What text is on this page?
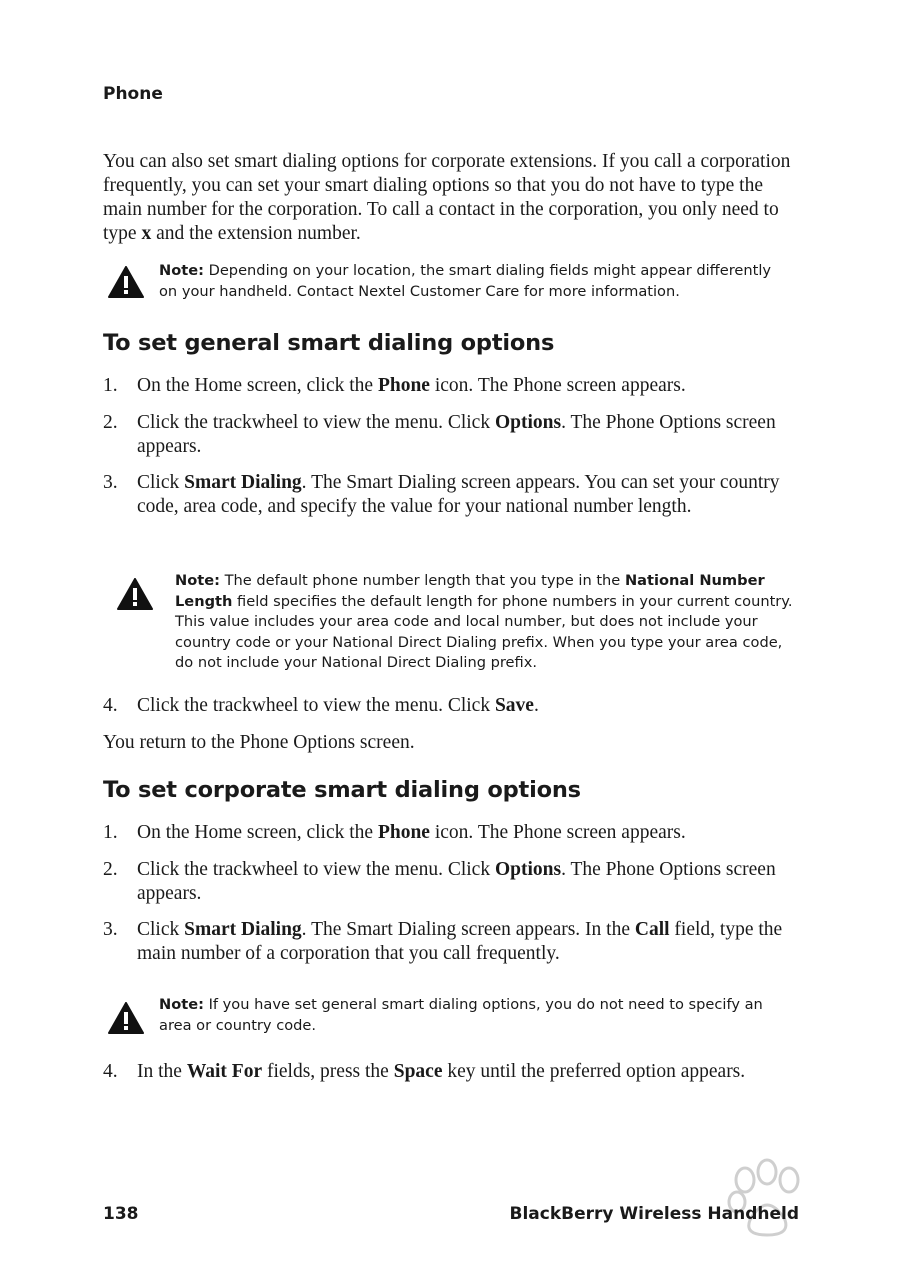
Phone

You can also set smart dialing options for corporate extensions. If you call a corporation frequently, you can set your smart dialing options so that you do not have to type the main number for the corporation. To call a contact in the corporation, you only need to type x and the extension number.

Note: Depending on your location, the smart dialing fields might appear differently on your handheld. Contact Nextel Customer Care for more information.

To set general smart dialing options
1. On the Home screen, click the Phone icon. The Phone screen appears.
2. Click the trackwheel to view the menu. Click Options. The Phone Options screen appears.
3. Click Smart Dialing. The Smart Dialing screen appears. You can set your country code, area code, and specify the value for your national number length.

Note: The default phone number length that you type in the National Number Length field specifies the default length for phone numbers in your current country. This value includes your area code and local number, but does not include your country code or your National Direct Dialing prefix. When you type your area code, do not include your National Direct Dialing prefix.

4. Click the trackwheel to view the menu. Click Save.

You return to the Phone Options screen.

To set corporate smart dialing options
1. On the Home screen, click the Phone icon. The Phone screen appears.
2. Click the trackwheel to view the menu. Click Options. The Phone Options screen appears.
3. Click Smart Dialing. The Smart Dialing screen appears. In the Call field, type the main number of a corporation that you call frequently.

Note: If you have set general smart dialing options, you do not need to specify an area or country code.

4. In the Wait For fields, press the Space key until the preferred option appears.
138	BlackBerry Wireless Handheld
